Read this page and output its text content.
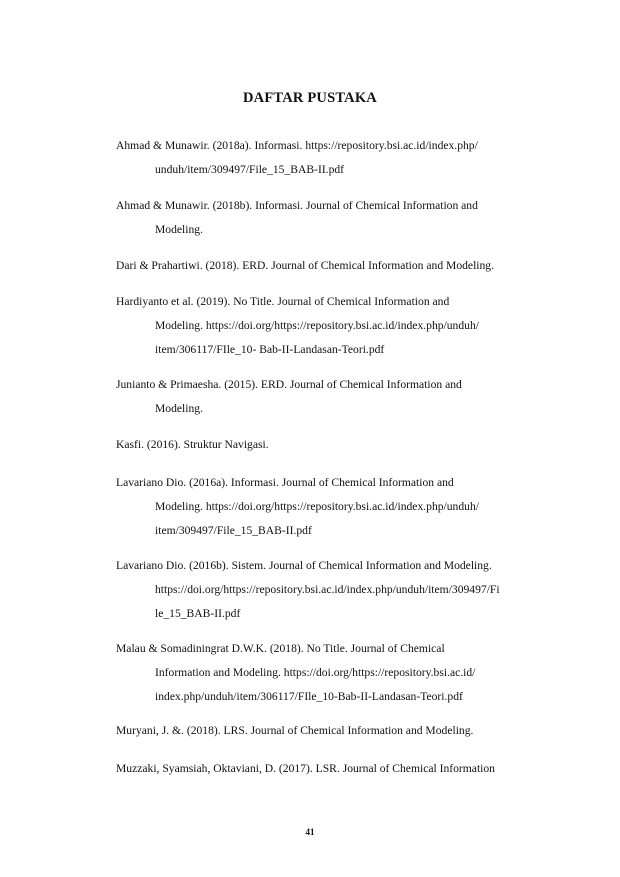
DAFTAR PUSTAKA
Ahmad & Munawir. (2018a). Informasi. https://repository.bsi.ac.id/index.php/
unduh/item/309497/File_15_BAB-II.pdf
Ahmad & Munawir. (2018b). Informasi. Journal of Chemical Information and
Modeling.
Dari & Prahartiwi. (2018). ERD. Journal of Chemical Information and Modeling.
Hardiyanto et al. (2019). No Title. Journal of Chemical Information and
Modeling. https://doi.org/https://repository.bsi.ac.id/index.php/unduh/
item/306117/FIle_10- Bab-II-Landasan-Teori.pdf
Junianto & Primaesha. (2015). ERD. Journal of Chemical Information and
Modeling.
Kasfi. (2016). Struktur Navigasi.
Lavariano Dio. (2016a). Informasi. Journal of Chemical Information and
Modeling. https://doi.org/https://repository.bsi.ac.id/index.php/unduh/
item/309497/File_15_BAB-II.pdf
Lavariano Dio. (2016b). Sistem. Journal of Chemical Information and Modeling.
https://doi.org/https://repository.bsi.ac.id/index.php/unduh/item/309497/Fi
le_15_BAB-II.pdf
Malau & Somadiningrat D.W.K. (2018). No Title. Journal of Chemical
Information and Modeling. https://doi.org/https://repository.bsi.ac.id/
index.php/unduh/item/306117/FIle_10-Bab-II-Landasan-Teori.pdf
Muryani, J. &. (2018). LRS. Journal of Chemical Information and Modeling.
Muzzaki, Syamsiah, Oktaviani, D. (2017). LSR. Journal of Chemical Information
41
